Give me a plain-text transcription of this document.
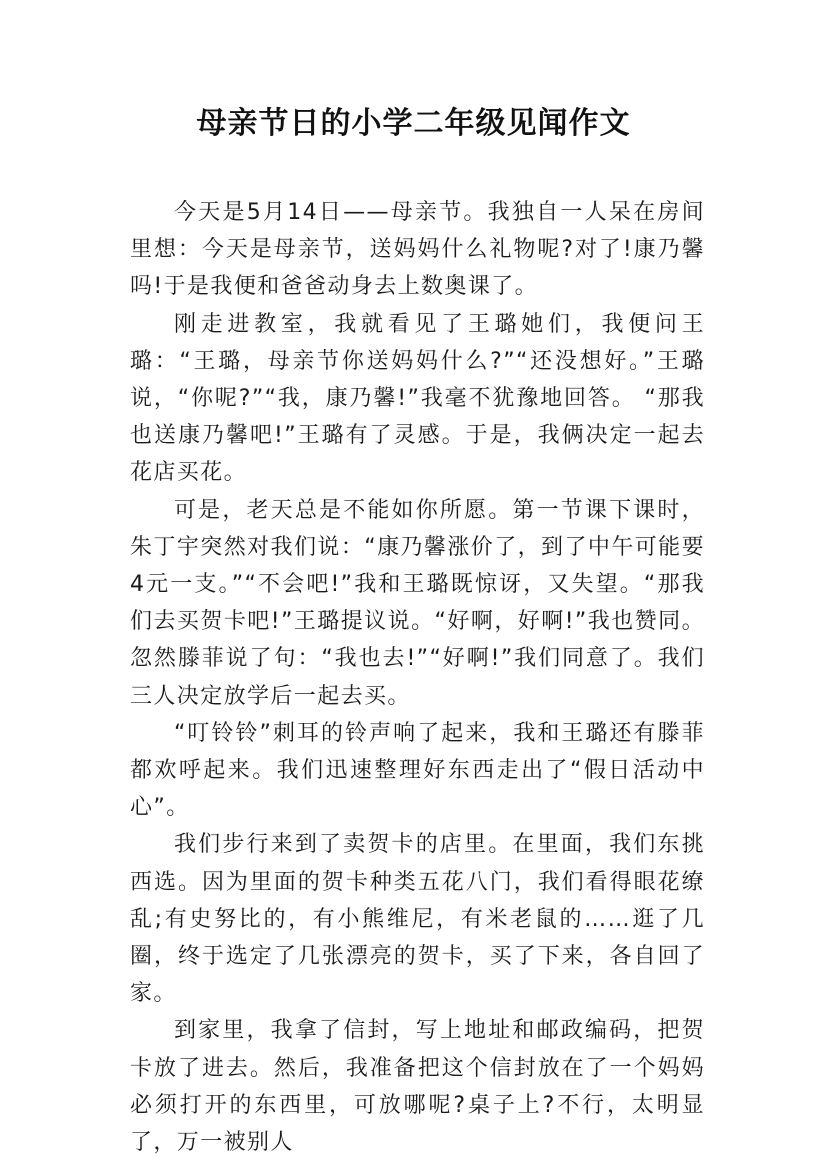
母亲节日的小学二年级见闻作文

今天是5月14日——母亲节。我独自一人呆在房间里想：今天是母亲节，送妈妈什么礼物呢?对了!康乃馨吗!于是我便和爸爸动身去上数奥课了。

刚走进教室，我就看见了王璐她们，我便问王璐：“王璐，母亲节你送妈妈什么?”“还没想好。”王璐说，“你呢?”“我，康乃馨!”我毫不犹豫地回答。 “那我也送康乃馨吧!”王璐有了灵感。于是，我俩决定一起去花店买花。

可是，老天总是不能如你所愿。第一节课下课时，朱丁宇突然对我们说：“康乃馨涨价了，到了中午可能要4元一支。”“不会吧!”我和王璐既惊讶，又失望。“那我们去买贺卡吧!”王璐提议说。“好啊，好啊!”我也赞同。忽然滕菲说了句：“我也去!”“好啊!”我们同意了。我们三人决定放学后一起去买。

“叮铃铃”刺耳的铃声响了起来，我和王璐还有滕菲都欢呼起来。我们迅速整理好东西走出了“假日活动中心”。

我们步行来到了卖贺卡的店里。在里面，我们东挑西选。因为里面的贺卡种类五花八门，我们看得眼花缭乱;有史努比的，有小熊维尼，有米老鼠的……逛了几圈，终于选定了几张漂亮的贺卡，买了下来，各自回了家。

到家里，我拿了信封，写上地址和邮政编码，把贺卡放了进去。然后，我准备把这个信封放在了一个妈妈必须打开的东西里，可放哪呢?桌子上?不行，太明显了，万一被别人
